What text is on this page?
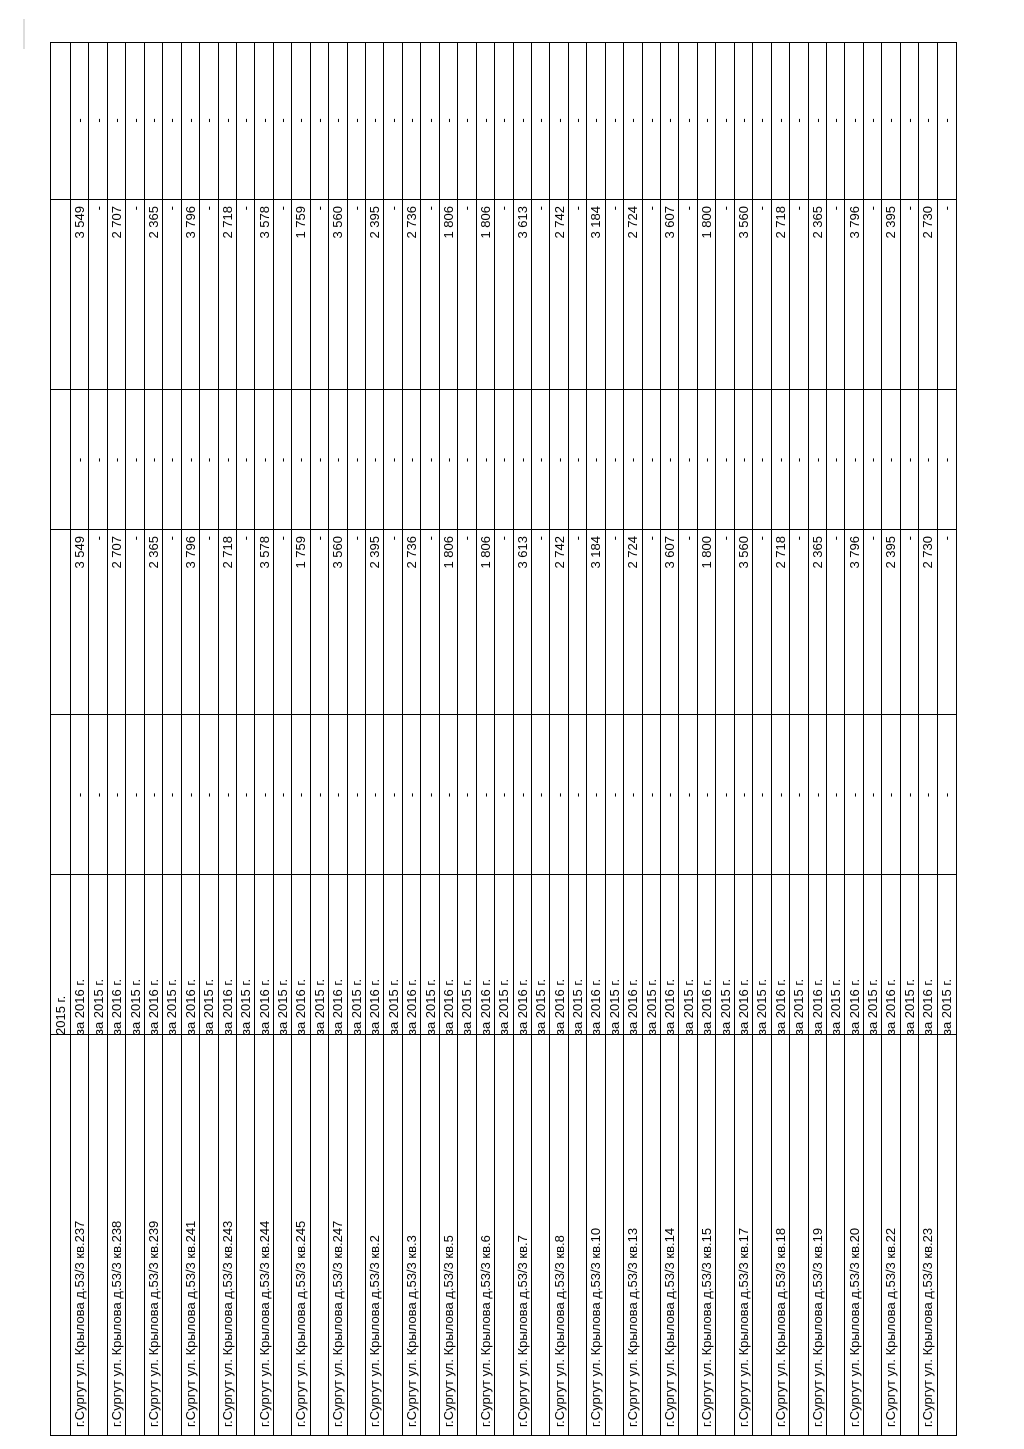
2015 г.
г.Сургут ул. Крылова д.53/3 кв.237
за 2016 г.
-
3 549
-
3 549
-
за 2015 г.
-
-
-
-
-
г.Сургут ул. Крылова д.53/3 кв.238
за 2016 г.
-
2 707
-
2 707
-
за 2015 г.
-
-
-
-
-
г.Сургут ул. Крылова д.53/3 кв.239
за 2016 г.
-
2 365
-
2 365
-
за 2015 г.
-
-
-
-
-
г.Сургут ул. Крылова д.53/3 кв.241
за 2016 г.
-
3 796
-
3 796
-
за 2015 г.
-
-
-
-
-
г.Сургут ул. Крылова д.53/3 кв.243
за 2016 г.
-
2 718
-
2 718
-
за 2015 г.
-
-
-
-
-
г.Сургут ул. Крылова д.53/3 кв.244
за 2016 г.
-
3 578
-
3 578
-
за 2015 г.
-
-
-
-
-
г.Сургут ул. Крылова д.53/3 кв.245
за 2016 г.
-
1 759
-
1 759
-
за 2015 г.
-
-
-
-
-
г.Сургут ул. Крылова д.53/3 кв.247
за 2016 г.
-
3 560
-
3 560
-
за 2015 г.
-
-
-
-
-
г.Сургут ул. Крылова д.53/3 кв.2
за 2016 г.
-
2 395
-
2 395
-
за 2015 г.
-
-
-
-
-
г.Сургут ул. Крылова д.53/3 кв.3
за 2016 г.
-
2 736
-
2 736
-
за 2015 г.
-
-
-
-
-
г.Сургут ул. Крылова д.53/3 кв.5
за 2016 г.
-
1 806
-
1 806
-
за 2015 г.
-
-
-
-
-
г.Сургут ул. Крылова д.53/3 кв.6
за 2016 г.
-
1 806
-
1 806
-
за 2015 г.
-
-
-
-
-
г.Сургут ул. Крылова д.53/3 кв.7
за 2016 г.
-
3 613
-
3 613
-
за 2015 г.
-
-
-
-
-
г.Сургут ул. Крылова д.53/3 кв.8
за 2016 г.
-
2 742
-
2 742
-
за 2015 г.
-
-
-
-
-
г.Сургут ул. Крылова д.53/3 кв.10
за 2016 г.
-
3 184
-
3 184
-
за 2015 г.
-
-
-
-
-
г.Сургут ул. Крылова д.53/3 кв.13
за 2016 г.
-
2 724
-
2 724
-
за 2015 г.
-
-
-
-
-
г.Сургут ул. Крылова д.53/3 кв.14
за 2016 г.
-
3 607
-
3 607
-
за 2015 г.
-
-
-
-
-
г.Сургут ул. Крылова д.53/3 кв.15
за 2016 г.
-
1 800
-
1 800
-
за 2015 г.
-
-
-
-
-
г.Сургут ул. Крылова д.53/3 кв.17
за 2016 г.
-
3 560
-
3 560
-
за 2015 г.
-
-
-
-
-
г.Сургут ул. Крылова д.53/3 кв.18
за 2016 г.
-
2 718
-
2 718
-
за 2015 г.
-
-
-
-
-
г.Сургут ул. Крылова д.53/3 кв.19
за 2016 г.
-
2 365
-
2 365
-
за 2015 г.
-
-
-
-
-
г.Сургут ул. Крылова д.53/3 кв.20
за 2016 г.
-
3 796
-
3 796
-
за 2015 г.
-
-
-
-
-
г.Сургут ул. Крылова д.53/3 кв.22
за 2016 г.
-
2 395
-
2 395
-
за 2015 г.
-
-
-
-
-
г.Сургут ул. Крылова д.53/3 кв.23
за 2016 г.
-
2 730
-
2 730
-
за 2015 г.
-
-
-
-
-
